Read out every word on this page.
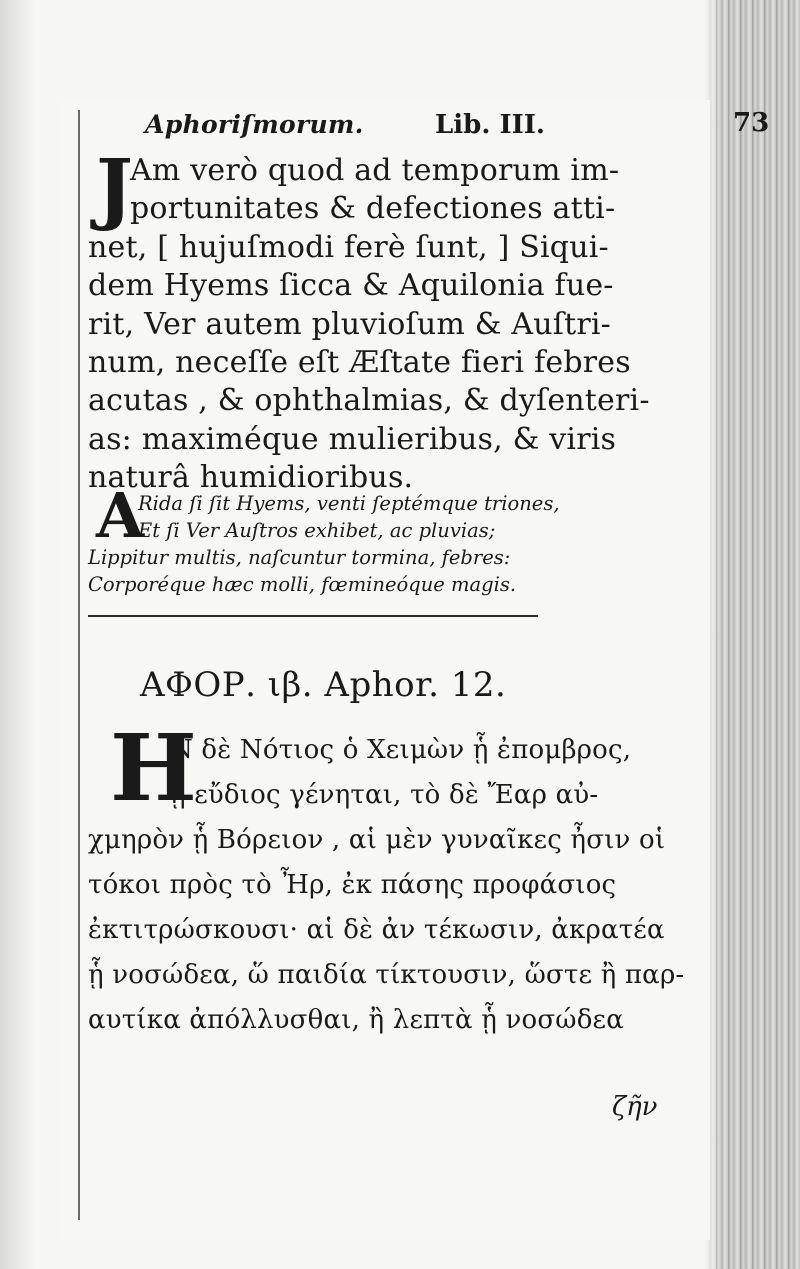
Aphoriſmorum.	Lib. III.	73
J
Am verò quod ad temporum im-
portunitates & defectiones atti-
net, [ hujuſmodi ferè ſunt, ] Siqui-
dem Hyems ſicca & Aquilonia fue-
rit, Ver autem pluvioſum & Auſtri-
num, neceſſe eſt Æſtate fieri febres
acutas , & ophthalmias, & dyſenteri-
as: maximéque mulieribus, & viris
naturâ humidioribus.
A
Rida ſi ſit Hyems, venti ſeptémque triones,
Et ſi Ver Auſtros exhibet, ac pluvias;
Lippitur multis, naſcuntur tormina, febres:
Corporéque hæc molli, fœmineóque magis.
ΑΦΟΡ. ιβ. Aphor. 12.
Η
Ν δὲ Νότιος ὁ Χειμὼν ᾗ ἐπομβρος,
ᾗ εὔδιος γένηται, τὸ δὲ Ἔαρ αὐ-
χμηρὸν ᾗ Βόρειον , αἱ μὲν γυναῖκες ἦσιν οἱ
τόκοι πρὸς τὸ Ἦρ, ἐκ πάσης προφάσιος
ἐκτιτρώσκουσι· αἱ δὲ ἀν τέκωσιν, ἀκρατέα
ᾗ νοσώδεα, ὥ παιδία τίκτουσιν, ὥστε ἢ παρ-
αυτίκα ἀπόλλυσθαι, ἢ λεπτὰ ᾗ νοσώδεα
ζῆν
